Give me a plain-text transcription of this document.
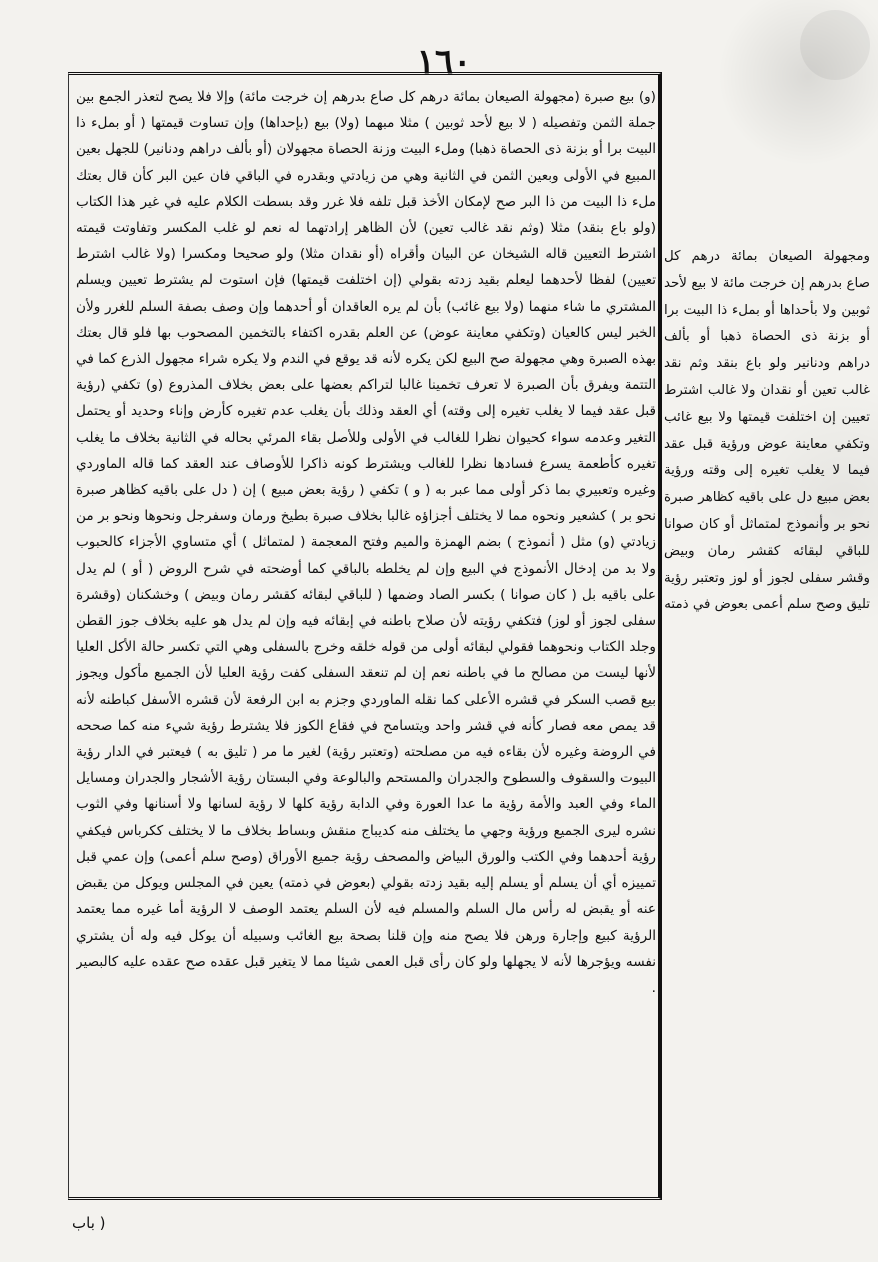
١٦٠

(و) بيع صبرة (مجهولة الصيعان بمائة درهم كل صاع بدرهم إن خرجت مائة) وإلا فلا يصح لتعذر الجمع بين جملة الثمن وتفصيله ( لا بيع لأحد ثوبين ) مثلا مبهما (ولا) بيع (بإحداها) وإن تساوت قيمتها ( أو بملء ذا البيت برا أو بزنة ذى الحصاة ذهبا) وملء البيت وزنة الحصاة مجهولان (أو بألف دراهم ودنانير) للجهل بعين المبيع في الأولى وبعين الثمن في الثانية وهي من زيادتي وبقدره في الباقي فان عين البر كأن قال بعتك ملء ذا البيت من ذا البر صح لإمكان الأخذ قبل تلفه فلا غرر وقد بسطت الكلام عليه في غير هذا الكتاب (ولو باع بنقد) مثلا (وثم نقد غالب تعين) لأن الظاهر إرادتهما له نعم لو غلب المكسر وتفاوتت قيمته اشترط التعيين قاله الشيخان عن البيان وأقراه (أو نقدان مثلا) ولو صحيحا ومكسرا (ولا غالب اشترط تعيين) لفظا لأحدهما ليعلم بقيد زدته بقولي (إن اختلفت قيمتها) فإن استوت لم يشترط تعيين ويسلم المشتري ما شاء منهما (ولا بيع غائب) بأن لم يره العاقدان أو أحدهما وإن وصف بصفة السلم للغرر ولأن الخبر ليس كالعيان (وتكفي معاينة عوض) عن العلم بقدره اكتفاء بالتخمين المصحوب بها فلو قال بعتك بهذه الصبرة وهي مجهولة صح البيع لكن يكره لأنه قد يوقع في الندم ولا يكره شراء مجهول الذرع كما في التتمة ويفرق بأن الصبرة لا تعرف تخمينا غالبا لتراكم بعضها على بعض بخلاف المذروع (و) تكفي (رؤية قبل عقد فيما لا يغلب تغيره إلى وقته) أي العقد وذلك بأن يغلب عدم تغيره كأرض وإناء وحديد أو يحتمل التغير وعدمه سواء كحيوان نظرا للغالب في الأولى وللأصل بقاء المرئي بحاله في الثانية بخلاف ما يغلب تغيره كأطعمة يسرع فسادها نظرا للغالب ويشترط كونه ذاكرا للأوصاف عند العقد كما قاله الماوردي وغيره وتعبيري بما ذكر أولى مما عبر به ( و ) تكفي ( رؤية بعض مبيع ) إن ( دل على باقيه كظاهر صبرة نحو بر ) كشعير ونحوه مما لا يختلف أجزاؤه غالبا بخلاف صبرة بطيخ ورمان وسفرجل ونحوها ونحو بر من زيادتي (و) مثل ( أنموذج ) بضم الهمزة والميم وفتح المعجمة ( لمتماثل ) أي متساوي الأجزاء كالحبوب ولا بد من إدخال الأنموذج في البيع وإن لم يخلطه بالباقي كما أوضحته في شرح الروض ( أو ) لم يدل على باقيه بل ( كان صوانا ) بكسر الصاد وضمها ( للباقي لبقائه كقشر رمان وبيض ) وخشكنان (وقشرة سفلى لجوز أو لوز) فتكفي رؤيته لأن صلاح باطنه في إبقائه فيه وإن لم يدل هو عليه بخلاف جوز القطن وجلد الكتاب ونحوهما فقولي لبقائه أولى من قوله خلقه وخرج بالسفلى وهي التي تكسر حالة الأكل العليا لأنها ليست من مصالح ما في باطنه نعم إن لم تنعقد السفلى كفت رؤية العليا لأن الجميع مأكول ويجوز بيع قصب السكر في قشره الأعلى كما نقله الماوردي وجزم به ابن الرفعة لأن قشره الأسفل كباطنه لأنه قد يمص معه فصار كأنه في قشر واحد ويتسامح في فقاع الكوز فلا يشترط رؤية شيء منه كما صححه في الروضة وغيره لأن بقاءه فيه من مصلحته (وتعتبر رؤية) لغير ما مر ( تليق به ) فيعتبر في الدار رؤية البيوت والسقوف والسطوح والجدران والمستحم والبالوعة وفي البستان رؤية الأشجار والجدران ومسايل الماء وفي العبد والأمة رؤية ما عدا العورة وفي الدابة رؤية كلها لا رؤية لسانها ولا أسنانها وفي الثوب نشره ليرى الجميع ورؤية وجهي ما يختلف منه كديباج منقش وبساط بخلاف ما لا يختلف ككرباس فيكفي رؤية أحدهما وفي الكتب والورق البياض والمصحف رؤية جميع الأوراق (وصح سلم أعمى) وإن عمي قبل تمييزه أي أن يسلم أو يسلم إليه بقيد زدته بقولي (بعوض في ذمته) يعين في المجلس ويوكل من يقبض عنه أو يقبض له رأس مال السلم والمسلم فيه لأن السلم يعتمد الوصف لا الرؤية أما غيره مما يعتمد الرؤية كبيع وإجارة ورهن فلا يصح منه وإن قلنا بصحة بيع الغائب وسبيله أن يوكل فيه وله أن يشتري نفسه ويؤجرها لأنه لا يجهلها ولو كان رأى قبل العمى شيئا مما لا يتغير قبل عقده صح عقده عليه كالبصير .

ومجهولة الصيعان بمائة درهم كل صاع بدرهم إن خرجت مائة لا بيع لأحد ثوبين ولا بأحداها أو بملء ذا البيت برا أو بزنة ذى الحصاة ذهبا أو بألف دراهم ودنانير ولو باع بنقد وثم نقد غالب تعين أو نقدان ولا غالب اشترط تعيين إن اختلفت قيمتها ولا بيع غائب وتكفي معاينة عوض ورؤية قبل عقد فيما لا يغلب تغيره إلى وقته ورؤية بعض مبيع دل على باقيه كظاهر صبرة نحو بر وأنموذج لمتماثل أو كان صوانا للباقي لبقائه كقشر رمان وبيض وقشر سفلى لجوز أو لوز وتعتبر رؤية تليق وصح سلم أعمى بعوض في ذمته

( باب
